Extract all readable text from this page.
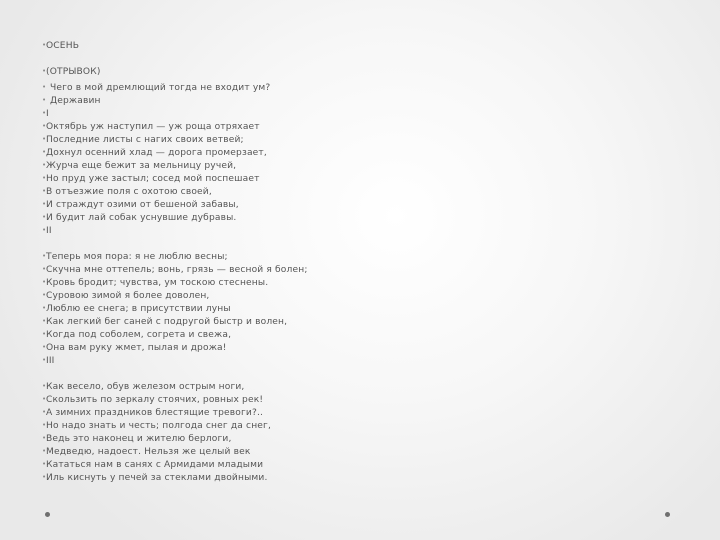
•ОСЕНЬ
•(ОТРЫВОК)
• Чего в мой дремлющий тогда не входит ум?
• Державин
•I
•Октябрь уж наступил — уж роща отряхает
•Последние листы с нагих своих ветвей;
•Дохнул осенний хлад — дорога промерзает,
•Журча еще бежит за мельницу ручей,
•Но пруд уже застыл; сосед мой поспешает
•В отъезжие поля с охотою своей,
•И страждут озими от бешеной забавы,
•И будит лай собак уснувшие дубравы.
•II
•Теперь моя пора: я не люблю весны;
•Скучна мне оттепель; вонь, грязь — весной я болен;
•Кровь бродит; чувства, ум тоскою стеснены.
•Суровою зимой я более доволен,
•Люблю ее снега; в присутствии луны
•Как легкий бег саней с подругой быстр и волен,
•Когда под соболем, согрета и свежа,
•Она вам руку жмет, пылая и дрожа!
•III
•Как весело, обув железом острым ноги,
•Скользить по зеркалу стоячих, ровных рек!
•А зимних праздников блестящие тревоги?..
•Но надо знать и честь; полгода снег да снег,
•Ведь это наконец и жителю берлоги,
•Медведю, надоест. Нельзя же целый век
•Кататься нам в санях с Армидами младыми
•Иль киснуть у печей за стеклами двойными.
